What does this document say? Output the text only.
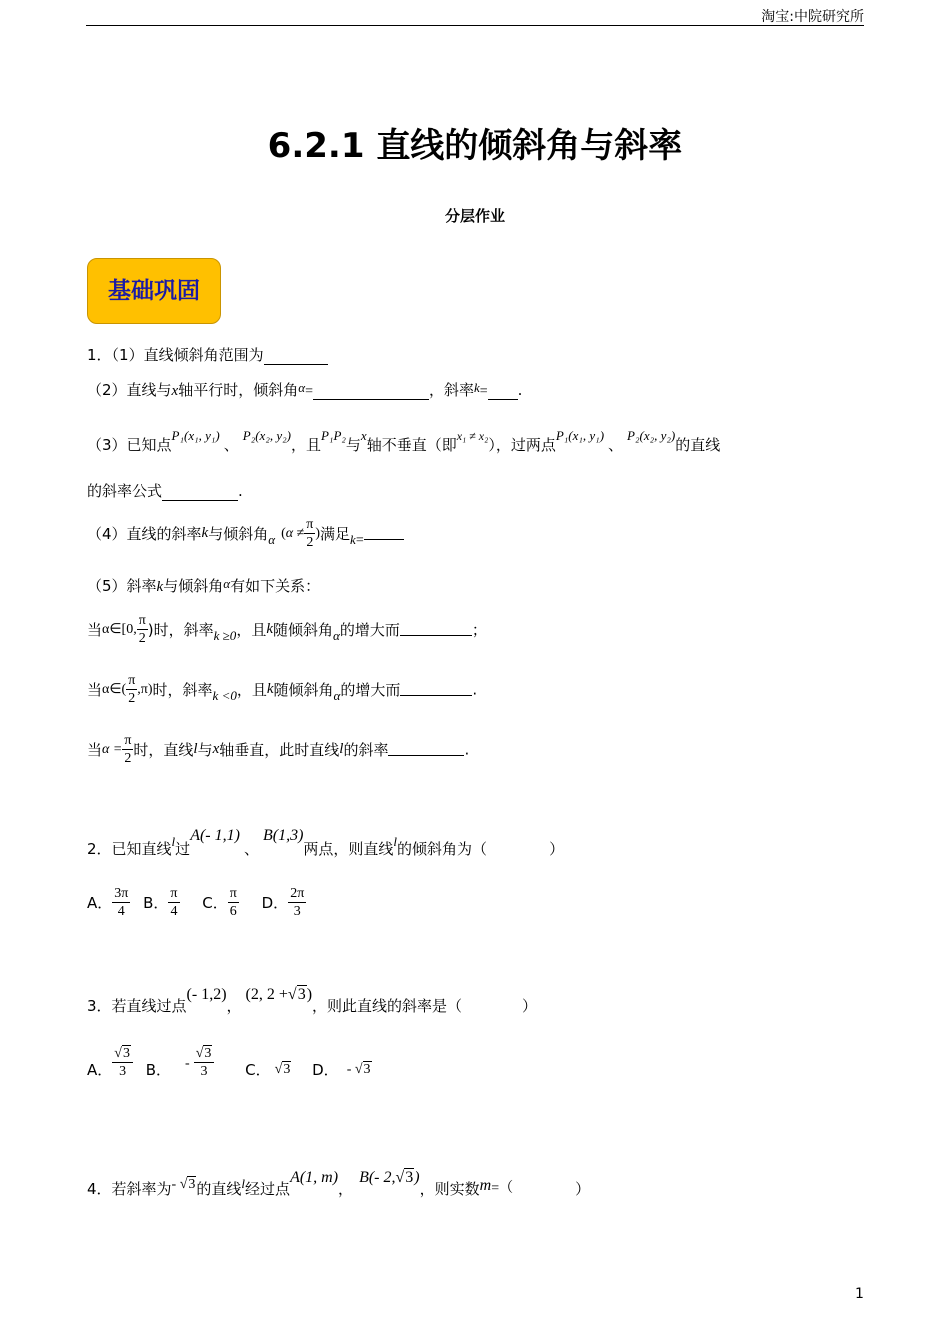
淘宝:中院研究所
6.2.1 直线的倾斜角与斜率
分层作业
基础巩固
1．（1）直线倾斜角范围为
（2）直线与x轴平行时，倾斜角α=	，斜率k= .
（3）已知点P₁(x₁, y₁)、P₂(x₂, y₂)，且P₁P₂与x轴不垂直（即$^{x_1 \ne x_2}$），过两点P₁(x₁, y₁)、P₂(x₂, y₂)的直线
的斜率公式	.
（4）直线的斜率k与倾斜角α ($\alpha \ne \frac{\pi}{2}$ )满足k=
（5）斜率k与倾斜角α有如下关系：
当α∈[0, $\frac{\pi}{2}$ )时，斜率k ≥0，且k随倾斜角α的增大而	；
当α∈( $\frac{\pi}{2} ,\pi$)时，斜率k <0，且k随倾斜角α的增大而	.
当$\alpha = \frac{\pi}{2}$ 时，直线l与x轴垂直，此时直线l的斜率	.
2．已知直线l过A(- 1,1)、B(1,3)两点，则直线l的倾斜角为（	）
A． $\frac{3\pi}{4}$ B． $\frac{\pi}{4}$ C． $\frac{\pi}{6}$ D． $\frac{2\pi}{3}$
3．若直线过点(- 1,2)，(2, 2 +√3)，则此直线的斜率是（	）
A． $\frac{√3}{3}$ B． - $\frac{√3}{3}$ C． √3 D． - √3
4．若斜率为- √3的直线l经过点A(1, m)，B(- 2,√3)，则实数m=（	）
1
